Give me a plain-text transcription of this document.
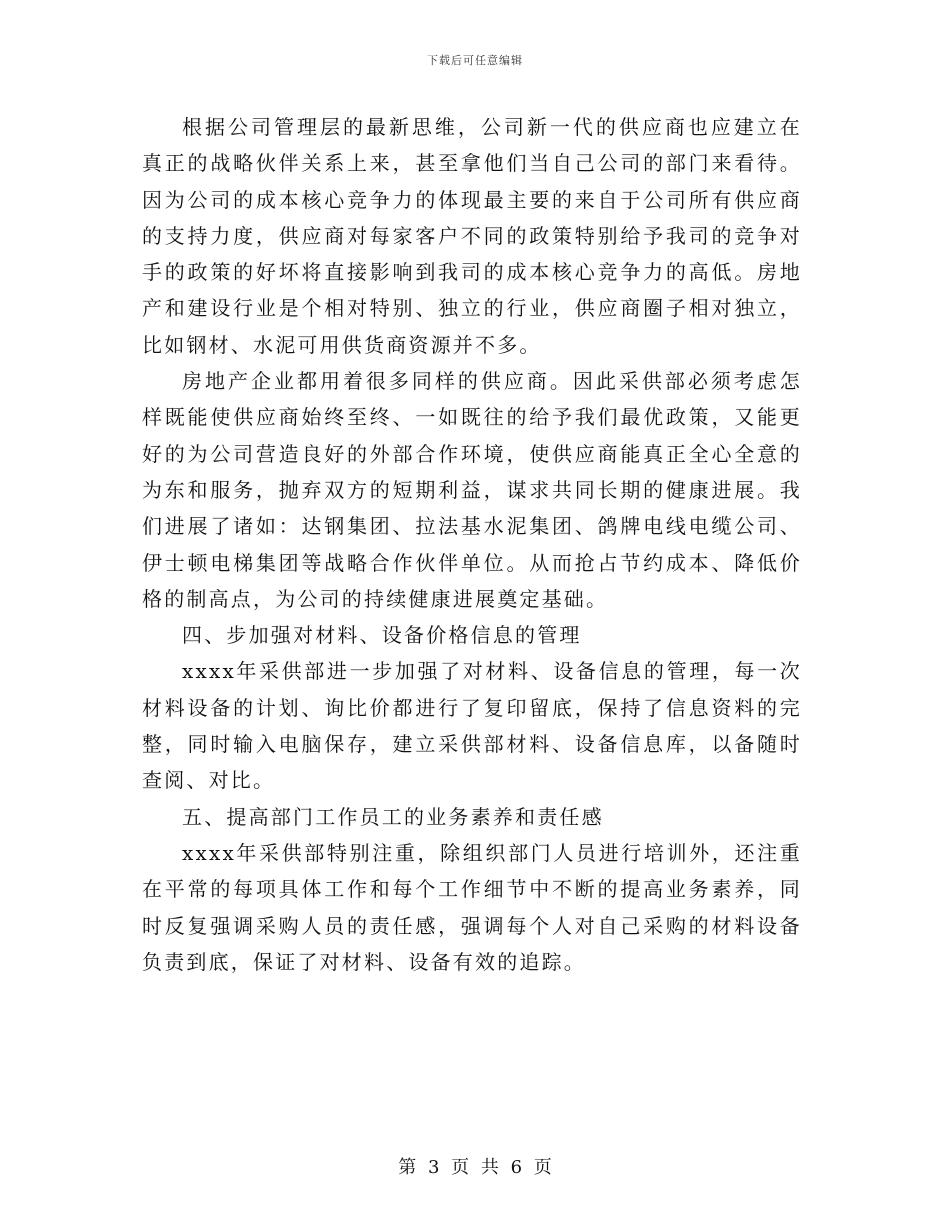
下载后可任意编辑

根据公司管理层的最新思维，公司新一代的供应商也应建立在真正的战略伙伴关系上来，甚至拿他们当自己公司的部门来看待。因为公司的成本核心竞争力的体现最主要的来自于公司所有供应商的支持力度，供应商对每家客户不同的政策特别给予我司的竞争对手的政策的好坏将直接影响到我司的成本核心竞争力的高低。房地产和建设行业是个相对特别、独立的行业，供应商圈子相对独立，比如钢材、水泥可用供货商资源并不多。

房地产企业都用着很多同样的供应商。因此采供部必须考虑怎样既能使供应商始终至终、一如既往的给予我们最优政策，又能更好的为公司营造良好的外部合作环境，使供应商能真正全心全意的为东和服务，抛弃双方的短期利益，谋求共同长期的健康进展。我们进展了诸如：达钢集团、拉法基水泥集团、鸽牌电线电缆公司、伊士顿电梯集团等战略合作伙伴单位。从而抢占节约成本、降低价格的制高点，为公司的持续健康进展奠定基础。

四、步加强对材料、设备价格信息的管理

xxxx年采供部进一步加强了对材料、设备信息的管理，每一次材料设备的计划、询比价都进行了复印留底，保持了信息资料的完整，同时输入电脑保存，建立采供部材料、设备信息库，以备随时查阅、对比。

五、提高部门工作员工的业务素养和责任感

xxxx年采供部特别注重，除组织部门人员进行培训外，还注重在平常的每项具体工作和每个工作细节中不断的提高业务素养，同时反复强调采购人员的责任感，强调每个人对自己采购的材料设备负责到底，保证了对材料、设备有效的追踪。

第 3 页 共 6 页
